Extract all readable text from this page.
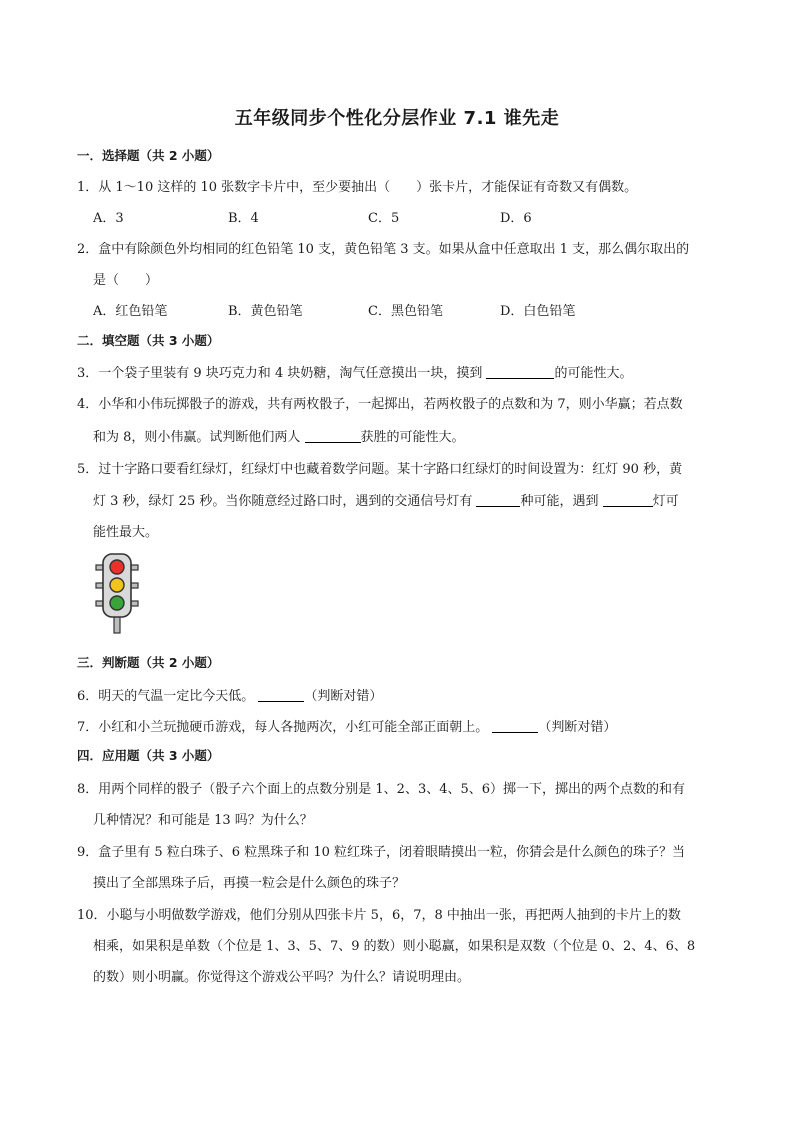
五年级同步个性化分层作业 7.1 谁先走
一．选择题（共 2 小题）
1．从 1～10 这样的 10 张数字卡片中，至少要抽出（　　）张卡片，才能保证有奇数又有偶数。
A．3	B．4	C．5	D．6
2．盒中有除颜色外均相同的红色铅笔 10 支，黄色铅笔 3 支。如果从盒中任意取出 1 支，那么偶尔取出的
是（　　）
A．红色铅笔	B．黄色铅笔	C．黑色铅笔	D．白色铅笔
二．填空题（共 3 小题）
3．一个袋子里装有 9 块巧克力和 4 块奶糖，淘气任意摸出一块，摸到	的可能性大。
4．小华和小伟玩掷骰子的游戏，共有两枚骰子，一起掷出，若两枚骰子的点数和为 7，则小华赢；若点数
和为 8，则小伟赢。试判断他们两人	获胜的可能性大。
5．过十字路口要看红绿灯，红绿灯中也藏着数学问题。某十字路口红绿灯的时间设置为：红灯 90 秒，黄
灯 3 秒，绿灯 25 秒。当你随意经过路口时，遇到的交通信号灯有	种可能，遇到	灯可
能性最大。
三．判断题（共 2 小题）
6．明天的气温一定比今天低。	（判断对错）
7．小红和小兰玩抛硬币游戏，每人各抛两次，小红可能全部正面朝上。	（判断对错）
四．应用题（共 3 小题）
8．用两个同样的骰子（骰子六个面上的点数分别是 1、2、3、4、5、6）掷一下，掷出的两个点数的和有
几种情况？和可能是 13 吗？为什么？
9．盒子里有 5 粒白珠子、6 粒黑珠子和 10 粒红珠子，闭着眼睛摸出一粒，你猜会是什么颜色的珠子？当
摸出了全部黑珠子后，再摸一粒会是什么颜色的珠子？
10．小聪与小明做数学游戏，他们分别从四张卡片 5，6，7，8 中抽出一张，再把两人抽到的卡片上的数
相乘，如果积是单数（个位是 1、3、5、7、9 的数）则小聪赢，如果积是双数（个位是 0、2、4、6、8
的数）则小明赢。你觉得这个游戏公平吗？为什么？请说明理由。
